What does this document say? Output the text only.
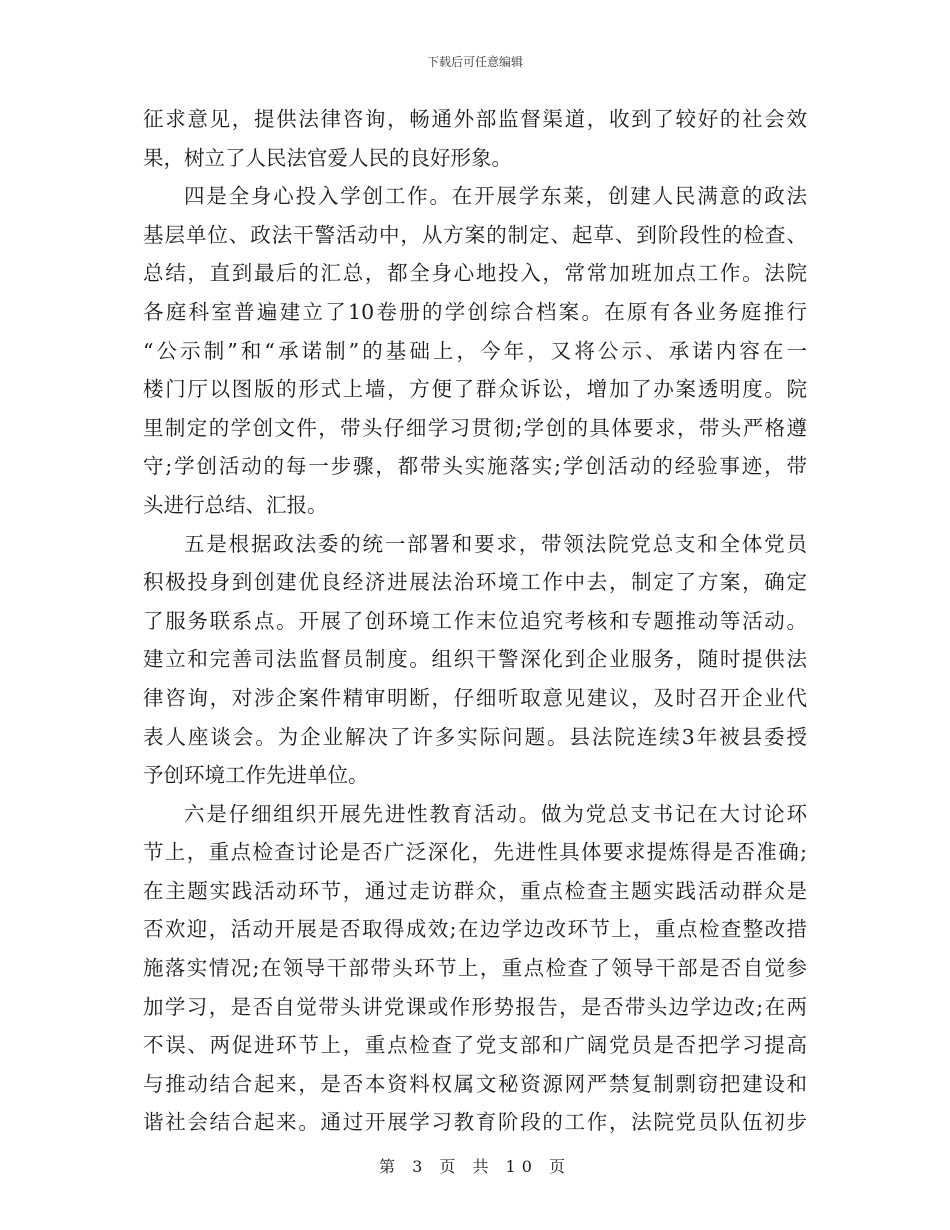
下载后可任意编辑
征求意见，提供法律咨询，畅通外部监督渠道，收到了较好的社会效
果，树立了人民法官爱人民的良好形象。
四是全身心投入学创工作。在开展学东莱，创建人民满意的政法
基层单位、政法干警活动中，从方案的制定、起草、到阶段性的检查、
总结，直到最后的汇总，都全身心地投入，常常加班加点工作。法院
各庭科室普遍建立了10卷册的学创综合档案。在原有各业务庭推行
“公示制”和“承诺制”的基础上，今年，又将公示、承诺内容在一
楼门厅以图版的形式上墙，方便了群众诉讼，增加了办案透明度。院
里制定的学创文件，带头仔细学习贯彻;学创的具体要求，带头严格遵
守;学创活动的每一步骤，都带头实施落实;学创活动的经验事迹，带
头进行总结、汇报。
五是根据政法委的统一部署和要求，带领法院党总支和全体党员
积极投身到创建优良经济进展法治环境工作中去，制定了方案，确定
了服务联系点。开展了创环境工作末位追究考核和专题推动等活动。
建立和完善司法监督员制度。组织干警深化到企业服务，随时提供法
律咨询，对涉企案件精审明断，仔细听取意见建议，及时召开企业代
表人座谈会。为企业解决了许多实际问题。县法院连续3年被县委授
予创环境工作先进单位。
六是仔细组织开展先进性教育活动。做为党总支书记在大讨论环
节上，重点检查讨论是否广泛深化，先进性具体要求提炼得是否准确;
在主题实践活动环节，通过走访群众，重点检查主题实践活动群众是
否欢迎，活动开展是否取得成效;在边学边改环节上，重点检查整改措
施落实情况;在领导干部带头环节上，重点检查了领导干部是否自觉参
加学习，是否自觉带头讲党课或作形势报告，是否带头边学边改;在两
不误、两促进环节上，重点检查了党支部和广阔党员是否把学习提高
与推动结合起来，是否本资料权属文秘资源网严禁复制剽窃把建设和
谐社会结合起来。通过开展学习教育阶段的工作，法院党员队伍初步
第 3 页 共 10 页
